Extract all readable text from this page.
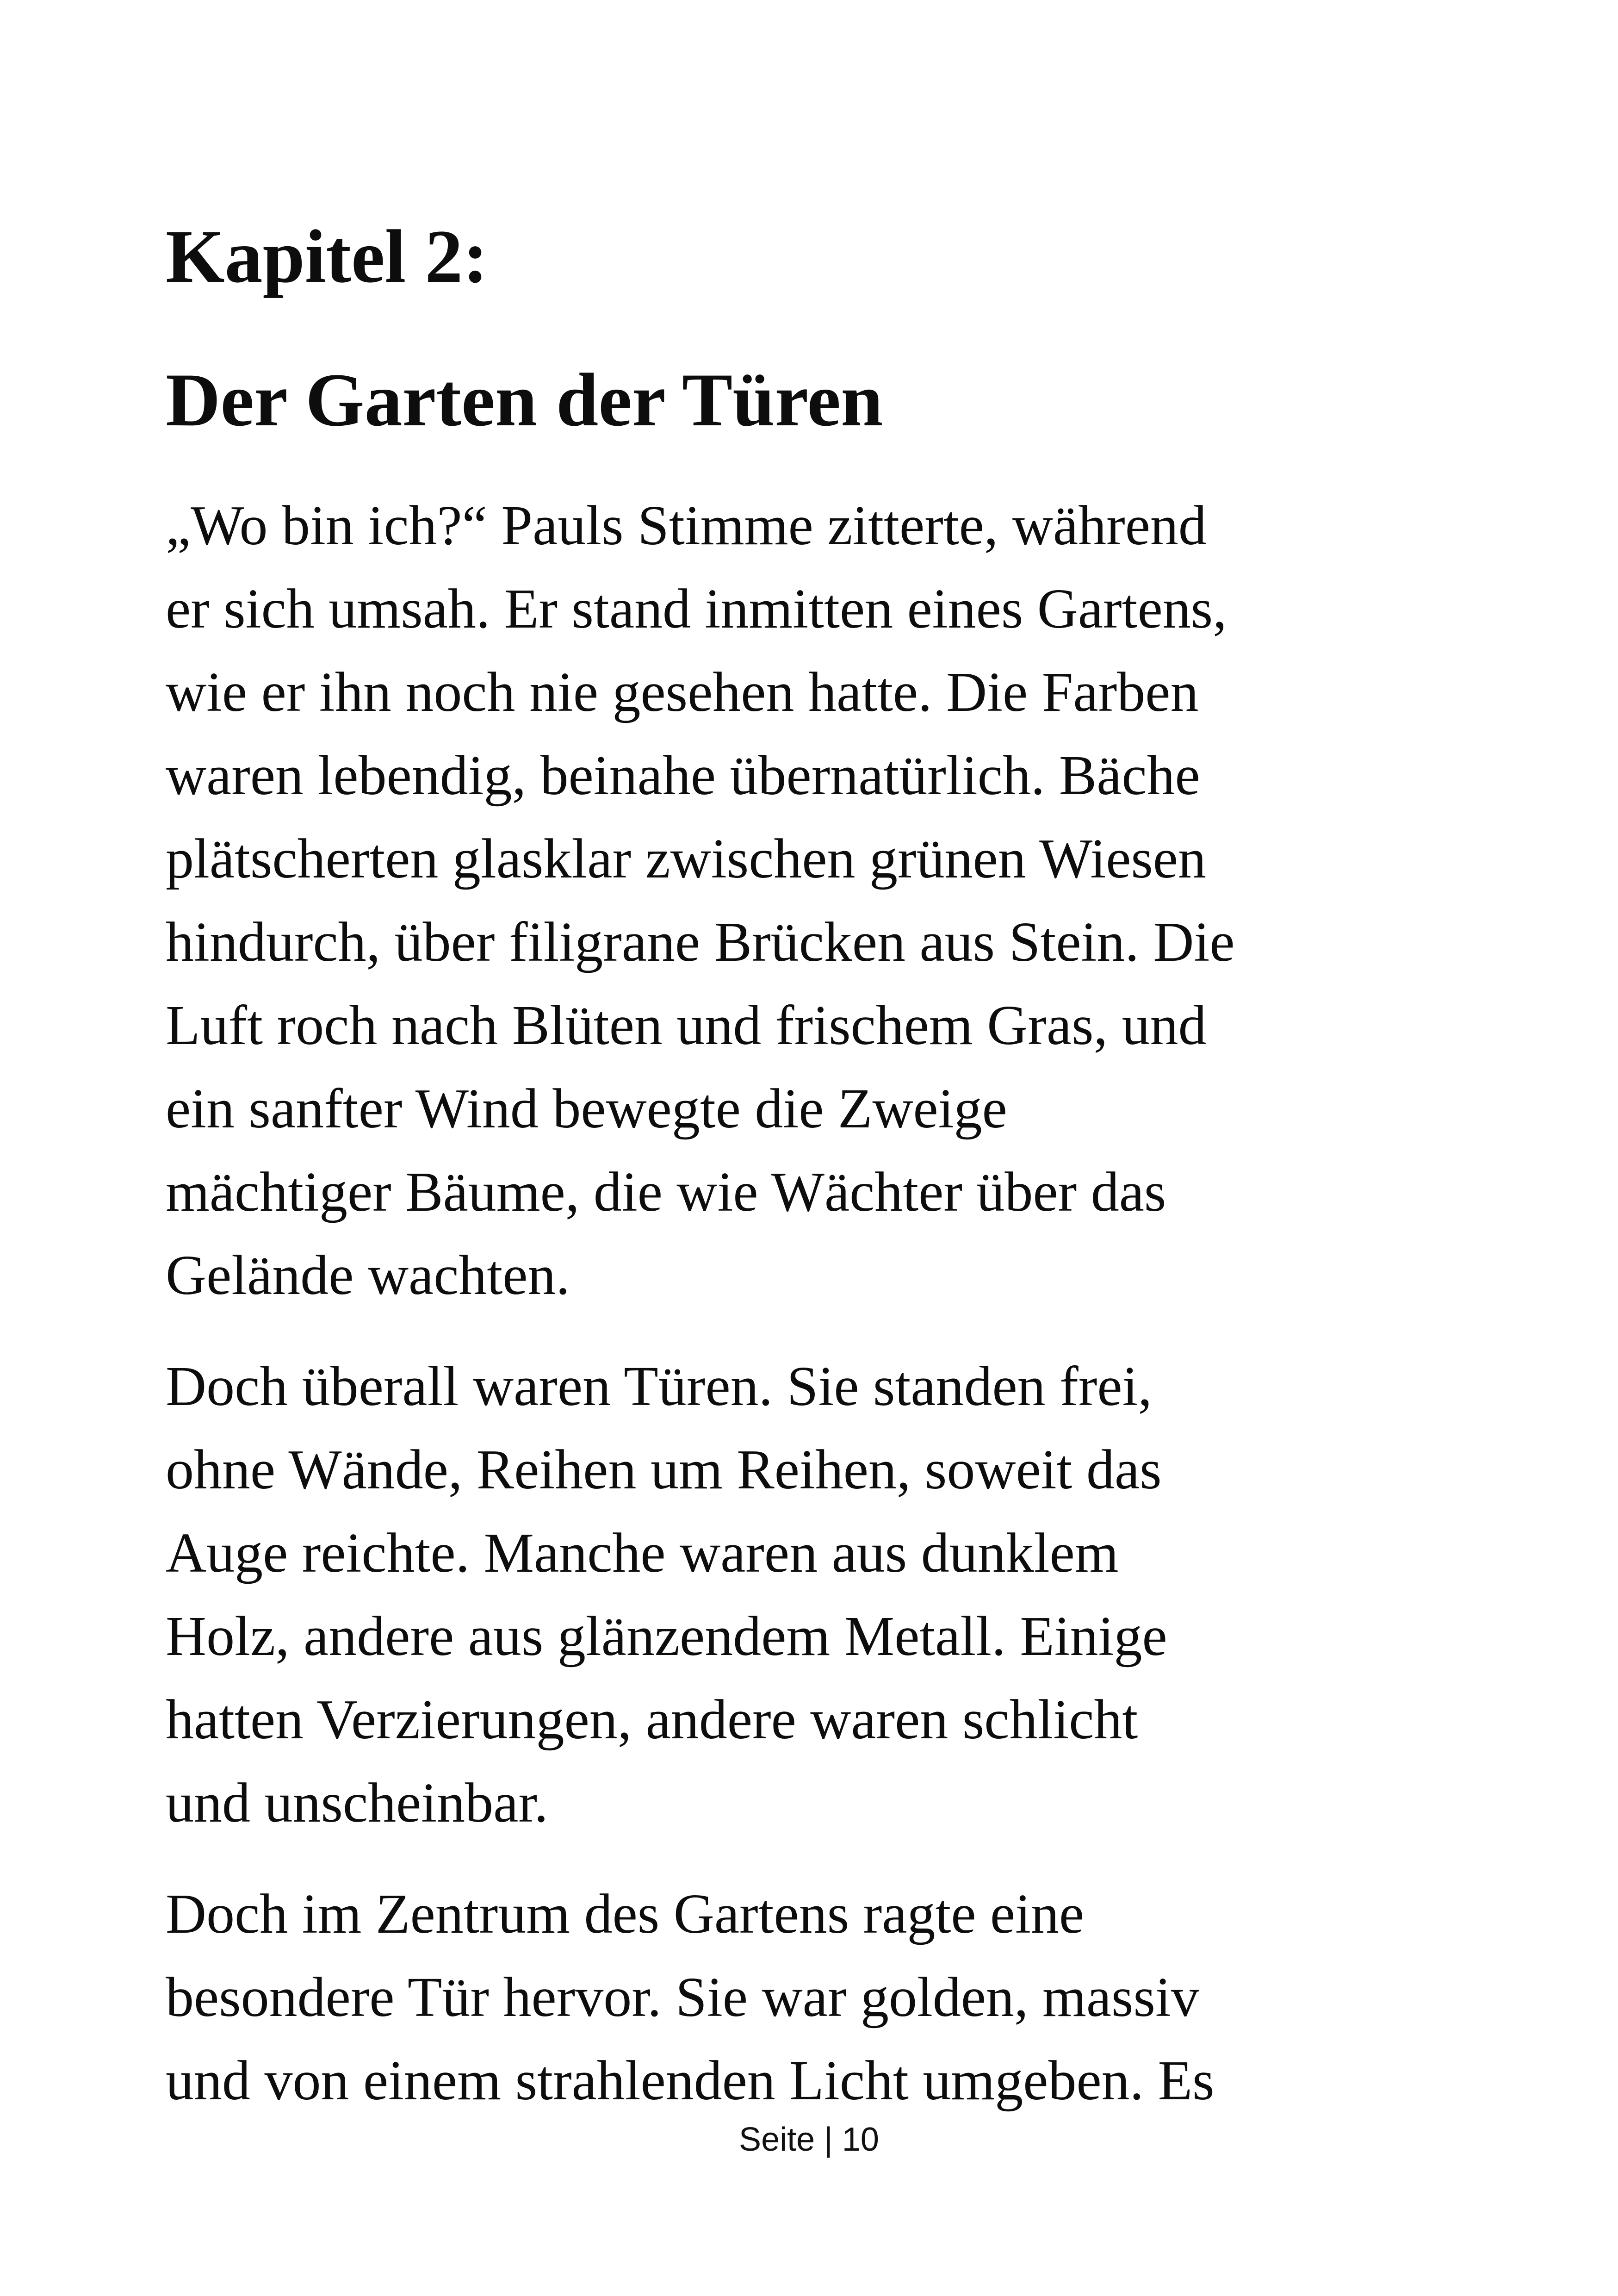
Kapitel 2:
Der Garten der Türen

„Wo bin ich?“ Pauls Stimme zitterte, während
er sich umsah. Er stand inmitten eines Gartens,
wie er ihn noch nie gesehen hatte. Die Farben
waren lebendig, beinahe übernatürlich. Bäche
plätscherten glasklar zwischen grünen Wiesen
hindurch, über filigrane Brücken aus Stein. Die
Luft roch nach Blüten und frischem Gras, und
ein sanfter Wind bewegte die Zweige
mächtiger Bäume, die wie Wächter über das
Gelände wachten.

Doch überall waren Türen. Sie standen frei,
ohne Wände, Reihen um Reihen, soweit das
Auge reichte. Manche waren aus dunklem
Holz, andere aus glänzendem Metall. Einige
hatten Verzierungen, andere waren schlicht
und unscheinbar.

Doch im Zentrum des Gartens ragte eine
besondere Tür hervor. Sie war golden, massiv
und von einem strahlenden Licht umgeben. Es

Seite | 10
